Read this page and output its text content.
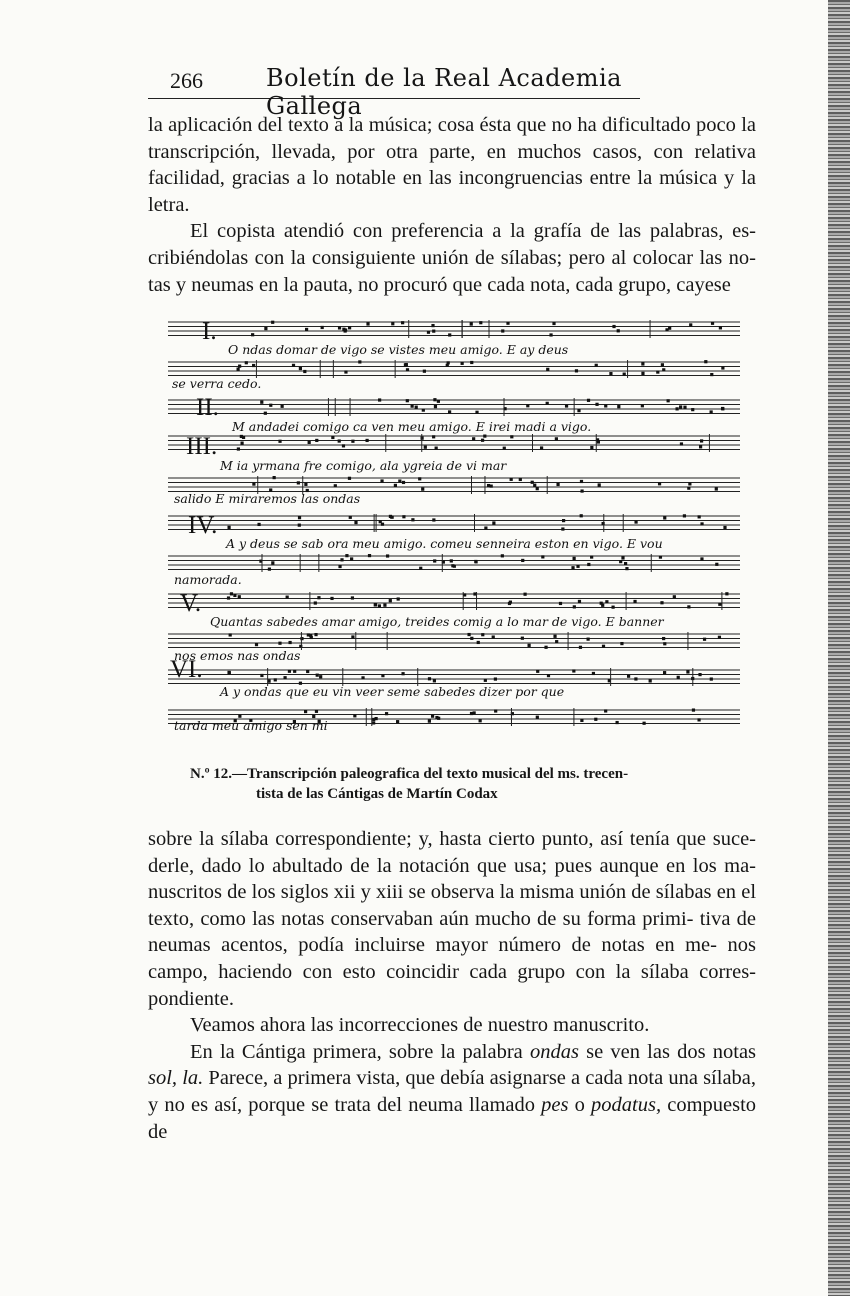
266	Boletín de la Real Academia Gallega

la aplicación del texto a la música; cosa ésta que no ha dificultado poco la transcripción, llevada, por otra parte, en muchos casos, con relativa facilidad, gracias a lo notable en las incongruencias entre la música y la letra.

El copista atendió con preferencia a la grafía de las palabras, es- cribiéndolas con la consiguiente unión de sílabas; pero al colocar las no- tas y neumas en la pauta, no procuró que cada nota, cada grupo, cayese

I.
II.
III.
IV.
V.
VI.
O ndas domar de vigo se vistes meu amigo. E ay deus
se verra cedo.
M andadei comigo ca ven meu amigo. E irei madi a vigo.
M ia yrmana fre comigo, ala ygreia de vi mar
salido E miraremos las ondas
A y deus se sab ora meu amigo. comeu senneira eston en vigo. E vou
namorada.
Quantas sabedes amar amigo, treides comig a lo mar de vigo. E banner
nos emos nas ondas
A y ondas que eu vin veer seme sabedes dizer por que
tarda meu amigo sen mi
N.º 12.—Transcripción paleografica del texto musical del ms. trecen-
tista de las Cántigas de Martín Codax

sobre la sílaba correspondiente; y, hasta cierto punto, así tenía que suce- derle, dado lo abultado de la notación que usa; pues aunque en los ma- nuscritos de los siglos xii y xiii se observa la misma unión de sílabas en el texto, como las notas conservaban aún mucho de su forma primi- tiva de neumas acentos, podía incluirse mayor número de notas en me- nos campo, haciendo con esto coincidir cada grupo con la sílaba corres- pondiente.

Veamos ahora las incorrecciones de nuestro manuscrito.

En la Cántiga primera, sobre la palabra ondas se ven las dos notas sol, la. Parece, a primera vista, que debía asignarse a cada nota una sílaba, y no es así, porque se trata del neuma llamado pes o podatus, compuesto de
